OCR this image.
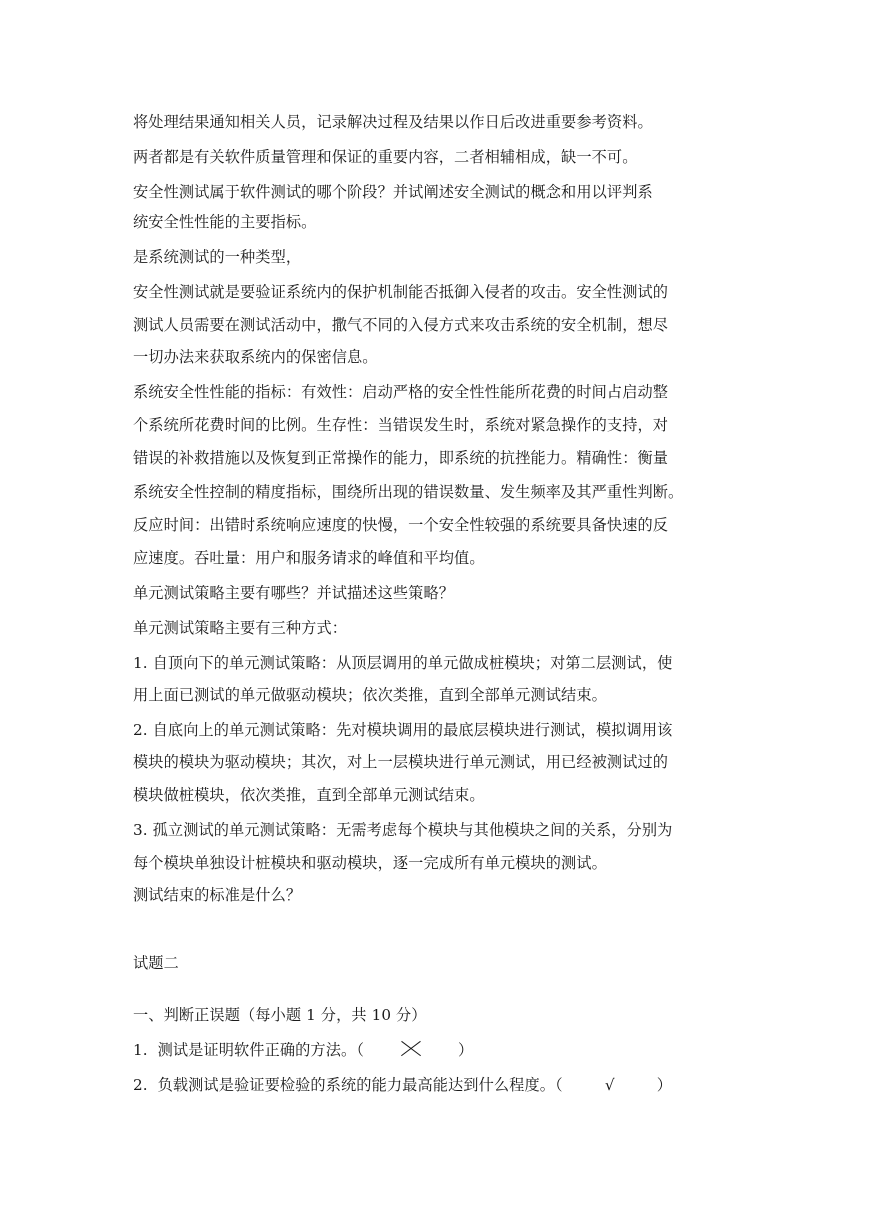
将处理结果通知相关人员，记录解决过程及结果以作日后改进重要参考资料。

两者都是有关软件质量管理和保证的重要内容，二者相辅相成，缺一不可。

安全性测试属于软件测试的哪个阶段？并试阐述安全测试的概念和用以评判系

统安全性性能的主要指标。

是系统测试的一种类型，

安全性测试就是要验证系统内的保护机制能否抵御入侵者的攻击。安全性测试的

测试人员需要在测试活动中，撒气不同的入侵方式来攻击系统的安全机制，想尽

一切办法来获取系统内的保密信息。

系统安全性性能的指标：有效性：启动严格的安全性性能所花费的时间占启动整

个系统所花费时间的比例。生存性：当错误发生时，系统对紧急操作的支持，对

错误的补救措施以及恢复到正常操作的能力，即系统的抗挫能力。精确性：衡量

系统安全性控制的精度指标，围绕所出现的错误数量、发生频率及其严重性判断。

反应时间：出错时系统响应速度的快慢，一个安全性较强的系统要具备快速的反

应速度。吞吐量：用户和服务请求的峰值和平均值。

单元测试策略主要有哪些？并试描述这些策略？

单元测试策略主要有三种方式：

1. 自顶向下的单元测试策略：从顶层调用的单元做成桩模块；对第二层测试，使

用上面已测试的单元做驱动模块；依次类推，直到全部单元测试结束。

2. 自底向上的单元测试策略：先对模块调用的最底层模块进行测试，模拟调用该

模块的模块为驱动模块；其次，对上一层模块进行单元测试，用已经被测试过的

模块做桩模块，依次类推，直到全部单元测试结束。

3. 孤立测试的单元测试策略：无需考虑每个模块与其他模块之间的关系，分别为

每个模块单独设计桩模块和驱动模块，逐一完成所有单元模块的测试。

测试结束的标准是什么？

试题二

一、判断正误题（每小题 1 分，共 10 分）

1. 测试是证明软件正确的方法。（	）

2. 负载测试是验证要检验的系统的能力最高能达到什么程度。（	√	）
